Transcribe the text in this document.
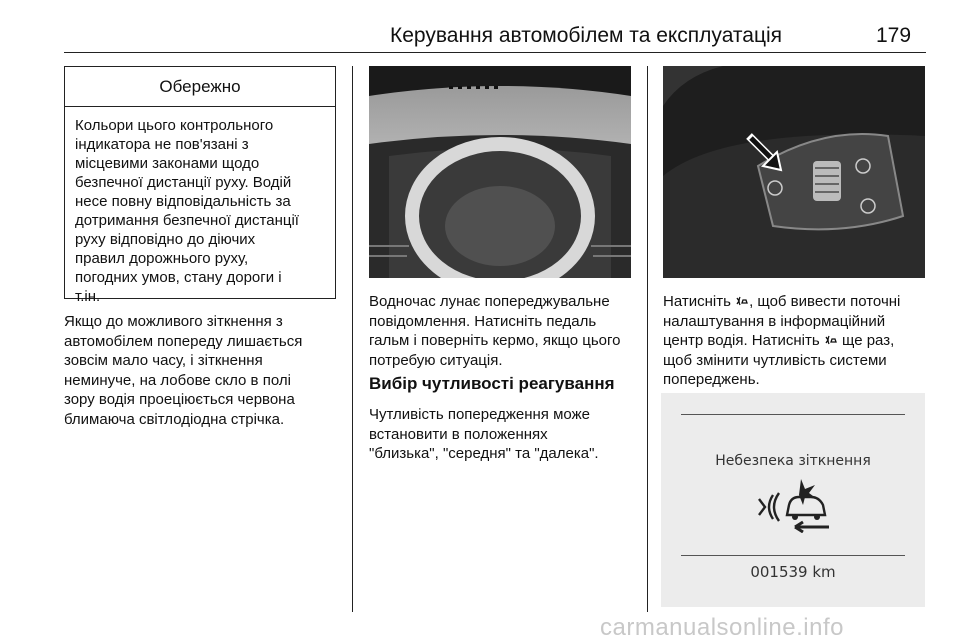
Керування автомобілем та експлуатація	179
Обережно
Кольори цього контрольного
індикатора не пов'язані з
місцевими законами щодо
безпечної дистанції руху. Водій
несе повну відповідальність за
дотримання безпечної дистанції
руху відповідно до діючих
правил дорожнього руху,
погодних умов, стану дороги і
т.ін.
Якщо до можливого зіткнення з
автомобілем попереду лишається
зовсім мало часу, і зіткнення
неминуче, на лобове скло в полі
зору водія проеціюється червона
блимаюча світлодіодна стрічка.
Водночас лунає попереджувальне
повідомлення. Натисніть педаль
гальм і поверніть кермо, якщо цього
потребую ситуація.
Вибір чутливості реагування
Чутливість попередження може
встановити в положеннях
"близька", "середня" та "далека".
Натисніть , щоб вивести поточні
налаштування в інформаційний
центр водія. Натисніть  ще раз,
щоб змінити чутливість системи
попереджень.
Небезпека зіткнення
001539 km
carmanualsonline.info
